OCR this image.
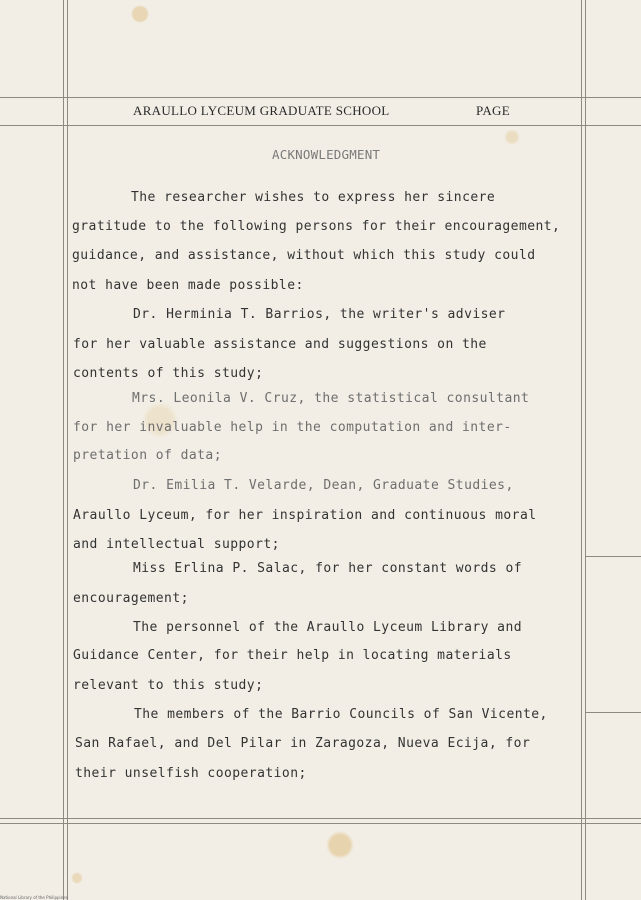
ARAULLO LYCEUM GRADUATE SCHOOL	PAGE
ACKNOWLEDGMENT
The researcher wishes to express her sincere
gratitude to the following persons for their encouragement,
guidance, and assistance, without which this study could
not have been made possible:
Dr. Herminia T. Barrios, the writer's adviser
for her valuable assistance and suggestions on the
contents of this study;
Mrs. Leonila V. Cruz, the statistical consultant
for her invaluable help in the computation and inter-
pretation of data;
Dr. Emilia T. Velarde, Dean, Graduate Studies,
Araullo Lyceum, for her inspiration and continuous moral
and intellectual support;
Miss Erlina P. Salac, for her constant words of
encouragement;
The personnel of the Araullo Lyceum Library and
Guidance Center, for their help in locating materials
relevant to this study;
The members of the Barrio Councils of San Vicente,
San Rafael, and Del Pilar in Zaragoza, Nueva Ecija, for
their unselfish cooperation;
National Library of the Philippines
